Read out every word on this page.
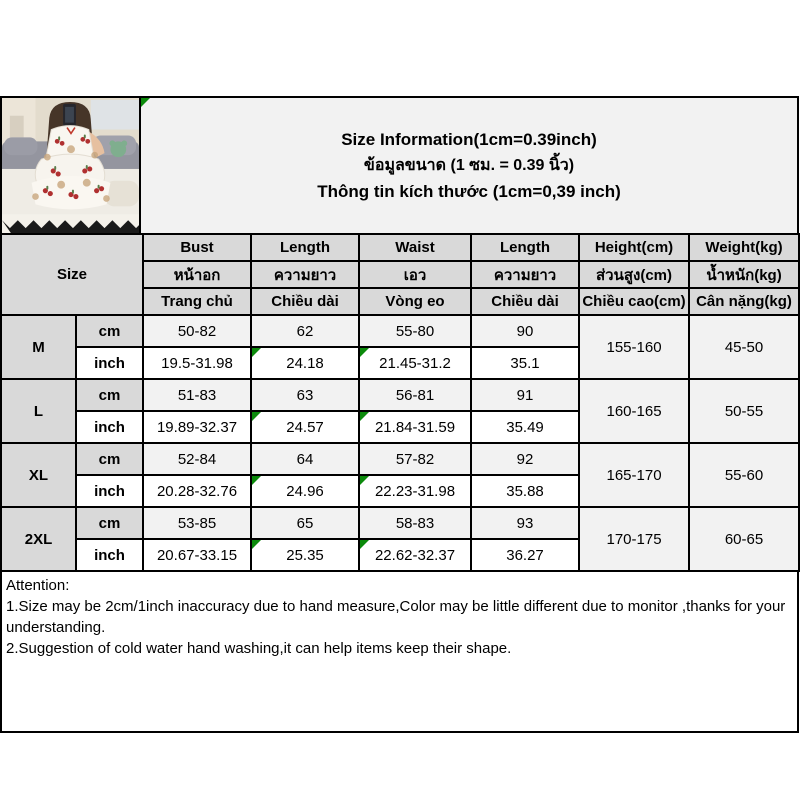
Size Information(1cm=0.39inch)
ข้อมูลขนาด (1 ซม. = 0.39 นิ้ว)
Thông tin kích thước (1cm=0,39 inch)
Size		Bust	Length	Waist	Length	Height(cm)	Weight(kg)
		หน้าอก	ความยาว	เอว	ความยาว	ส่วนสูง(cm)	น้ำหนัก(kg)
		Trang chủ	Chiều dài	Vòng eo	Chiều dài	Chiều cao(cm)	Cân nặng(kg)
M	cm	50-82	62	55-80	90	155-160	45-50
	inch	19.5-31.98	24.18	21.45-31.2	35.1		
L	cm	51-83	63	56-81	91	160-165	50-55
	inch	19.89-32.37	24.57	21.84-31.59	35.49		
XL	cm	52-84	64	57-82	92	165-170	55-60
	inch	20.28-32.76	24.96	22.23-31.98	35.88		
2XL	cm	53-85	65	58-83	93	170-175	60-65
	inch	20.67-33.15	25.35	22.62-32.37	36.27		
Attention:
1.Size may be 2cm/1inch inaccuracy due to hand measure,Color may be little different due to monitor ,thanks for your understanding.
2.Suggestion of cold water hand washing,it can help items keep their shape.
